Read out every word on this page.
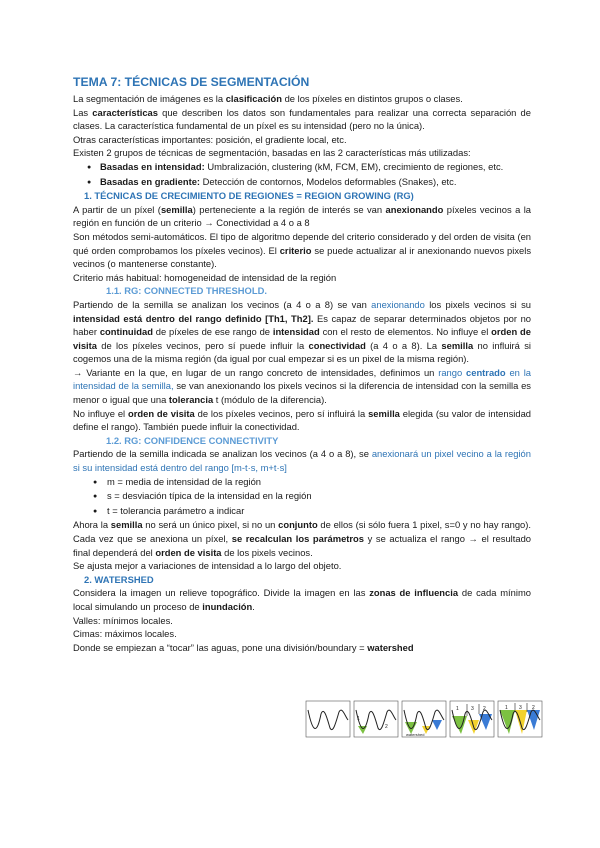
TEMA 7: TÉCNICAS DE SEGMENTACIÓN

La segmentación de imágenes es la clasificación de los píxeles en distintos grupos o clases.

Las características que describen los datos son fundamentales para realizar una correcta separación de clases. La característica fundamental de un píxel es su intensidad (pero no la única).

Otras características importantes: posición, el gradiente local, etc.

Existen 2 grupos de técnicas de segmentación, basadas en las 2 características más utilizadas:

● Basadas en intensidad: Umbralización, clustering (kM, FCM, EM), crecimiento de regiones, etc.
● Basadas en gradiente: Detección de contornos, Modelos deformables (Snakes), etc.

1. TÉCNICAS DE CRECIMIENTO DE REGIONES = REGION GROWING (RG)

A partir de un píxel (semilla) perteneciente a la región de interés se van anexionando píxeles vecinos a la región en función de un criterio → Conectividad a 4 o a 8

Son métodos semi-automáticos. El tipo de algoritmo depende del criterio considerado y del orden de visita (en qué orden comprobamos los píxeles vecinos). El criterio se puede actualizar al ir anexionando nuevos pixels vecinos (o mantenerse constante).

Criterio más habitual: homogeneidad de intensidad de la región

1.1. RG: CONNECTED THRESHOLD.

Partiendo de la semilla se analizan los vecinos (a 4 o a 8) se van anexionando los pixels vecinos si su intensidad está dentro del rango definido [Th1, Th2]. Es capaz de separar determinados objetos por no haber continuidad de píxeles de ese rango de intensidad con el resto de elementos. No influye el orden de visita de los píxeles vecinos, pero sí puede influir la conectividad (a 4 o a 8). La semilla no influirá si cogemos una de la misma región (da igual por cual empezar si es un pixel de la misma región).

→ Variante en la que, en lugar de un rango concreto de intensidades, definimos un rango centrado en la intensidad de la semilla, se van anexionando los pixels vecinos si la diferencia de intensidad con la semilla es menor o igual que una tolerancia t (módulo de la diferencia).

No influye el orden de visita de los píxeles vecinos, pero sí influirá la semilla elegida (su valor de intensidad define el rango). También puede influir la conectividad.

1.2. RG: CONFIDENCE CONNECTIVITY

Partiendo de la semilla indicada se analizan los vecinos (a 4 o a 8), se anexionará un pixel vecino a la región si su intensidad está dentro del rango [m-t·s, m+t·s]

● m = media de intensidad de la región
● s = desviación típica de la intensidad en la región
● t = tolerancia parámetro a indicar

Ahora la semilla no será un único pixel, si no un conjunto de ellos (si sólo fuera 1 pixel, s=0 y no hay rango). Cada vez que se anexiona un píxel, se recalculan los parámetros y se actualiza el rango → el resultado final dependerá del orden de visita de los pixels vecinos.

Se ajusta mejor a variaciones de intensidad a lo largo del objeto.

2. WATERSHED

Considera la imagen un relieve topográfico. Divide la imagen en las zonas de influencia de cada mínimo local simulando un proceso de inundación.

Valles: mínimos locales.

Cimas: máximos locales.

Donde se empiezan a “tocar” las aguas, pone una división/boundary = watershed

1
2
watershed
1 3 2	1 3 2
